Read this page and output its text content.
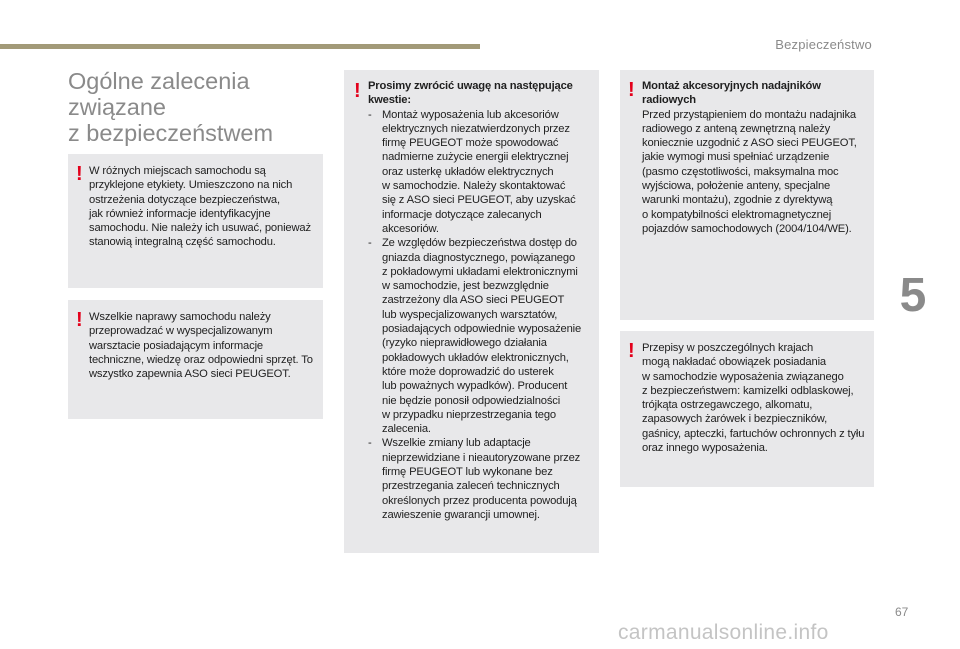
Bezpieczeństwo
5
67
carmanualsonline.info
Ogólne zalecenia
związane
z bezpieczeństwem
! W różnych miejscach samochodu są

przyklejone etykiety. Umieszczono na nich

ostrzeżenia dotyczące bezpieczeństwa,

jak również informacje identyfikacyjne

samochodu. Nie należy ich usuwać, ponieważ

stanowią integralną część samochodu.

! Wszelkie naprawy samochodu należy

przeprowadzać w wyspecjalizowanym

warsztacie posiadającym informacje

techniczne, wiedzę oraz odpowiedni sprzęt. To

wszystko zapewnia ASO sieci PEUGEOT.

! Prosimy zwrócić uwagę na następujące

kwestie:

- Montaż wyposażenia lub akcesoriów
elektrycznych niezatwierdzonych przez
firmę PEUGEOT może spowodować
nadmierne zużycie energii elektrycznej
oraz usterkę układów elektrycznych
w samochodzie. Należy skontaktować
się z ASO sieci PEUGEOT, aby uzyskać
informacje dotyczące zalecanych
akcesoriów.
- Ze względów bezpieczeństwa dostęp do
gniazda diagnostycznego, powiązanego
z pokładowymi układami elektronicznymi
w samochodzie, jest bezwzględnie
zastrzeżony dla ASO sieci PEUGEOT
lub wyspecjalizowanych warsztatów,
posiadających odpowiednie wyposażenie
(ryzyko nieprawidłowego działania
pokładowych układów elektronicznych,
które może doprowadzić do usterek
lub poważnych wypadków). Producent
nie będzie ponosił odpowiedzialności
w przypadku nieprzestrzegania tego
zalecenia.
- Wszelkie zmiany lub adaptacje
nieprzewidziane i nieautoryzowane przez
firmę PEUGEOT lub wykonane bez
przestrzegania zaleceń technicznych
określonych przez producenta powodują
zawieszenie gwarancji umownej.
! Montaż akcesoryjnych nadajników

radiowych

Przed przystąpieniem do montażu nadajnika

radiowego z anteną zewnętrzną należy

koniecznie uzgodnić z ASO sieci PEUGEOT,

jakie wymogi musi spełniać urządzenie

(pasmo częstotliwości, maksymalna moc

wyjściowa, położenie anteny, specjalne

warunki montażu), zgodnie z dyrektywą

o kompatybilności elektromagnetycznej

pojazdów samochodowych (2004/104/WE).

! Przepisy w poszczególnych krajach

mogą nakładać obowiązek posiadania

w samochodzie wyposażenia związanego

z bezpieczeństwem: kamizelki odblaskowej,

trójkąta ostrzegawczego, alkomatu,

zapasowych żarówek i bezpieczników,

gaśnicy, apteczki, fartuchów ochronnych z tyłu

oraz innego wyposażenia.
